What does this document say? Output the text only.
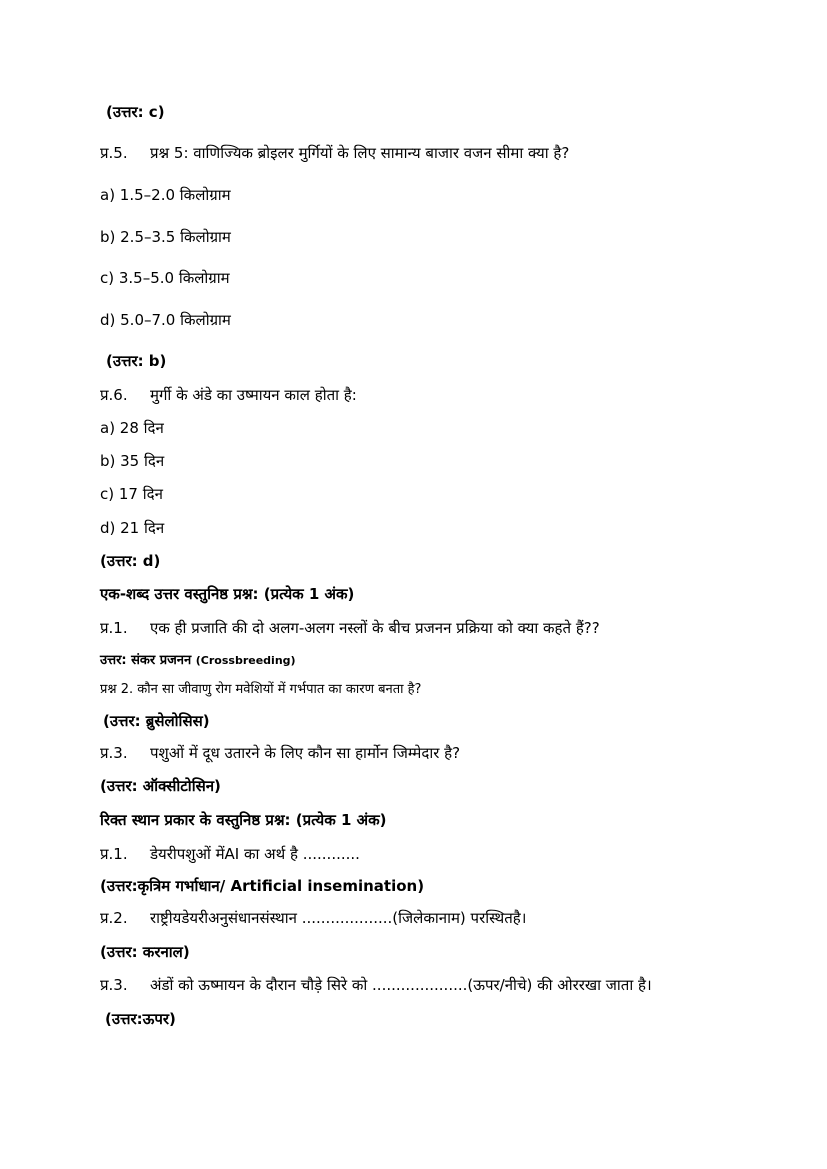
(उत्तर: c)
प्र.5. प्रश्न 5: वाणिज्यिक ब्रोइलर मुर्गियों के लिए सामान्य बाजार वजन सीमा क्या है?
a) 1.5–2.0 किलोग्राम
b) 2.5–3.5 किलोग्राम
c) 3.5–5.0 किलोग्राम
d) 5.0–7.0 किलोग्राम
(उत्तर: b)
प्र.6. मुर्गी के अंडे का उष्मायन काल होता है:
a) 28 दिन
b) 35 दिन
c) 17 दिन
d) 21 दिन
(उत्तर: d)
एक-शब्द उत्तर वस्तुनिष्ठ प्रश्न: (प्रत्येक 1 अंक)
प्र.1. एक ही प्रजाति की दो अलग-अलग नस्लों के बीच प्रजनन प्रक्रिया को क्या कहते हैं??
उत्तर: संकर प्रजनन (Crossbreeding)
प्रश्न 2. कौन सा जीवाणु रोग मवेशियों में गर्भपात का कारण बनता है?
(उत्तर: ब्रुसेलोसिस)
प्र.3. पशुओं में दूध उतारने के लिए कौन सा हार्मोन जिम्मेदार है?
(उत्तर: ऑक्सीटोसिन)
रिक्त स्थान प्रकार के वस्तुनिष्ठ प्रश्न: (प्रत्येक 1 अंक)
प्र.1. डेयरीपशुओं मेंAI का अर्थ है ............
(उत्तर:कृत्रिम गर्भाधान/ Artificial insemination)
प्र.2. राष्ट्रीयडेयरीअनुसंधानसंस्थान ...................(जिलेकानाम) परस्थितहै।
(उत्तर: करनाल)
प्र.3. अंडों को ऊष्मायन के दौरान चौड़े सिरे को ....................(ऊपर/नीचे) की ओररखा जाता है।
(उत्तर:ऊपर)
